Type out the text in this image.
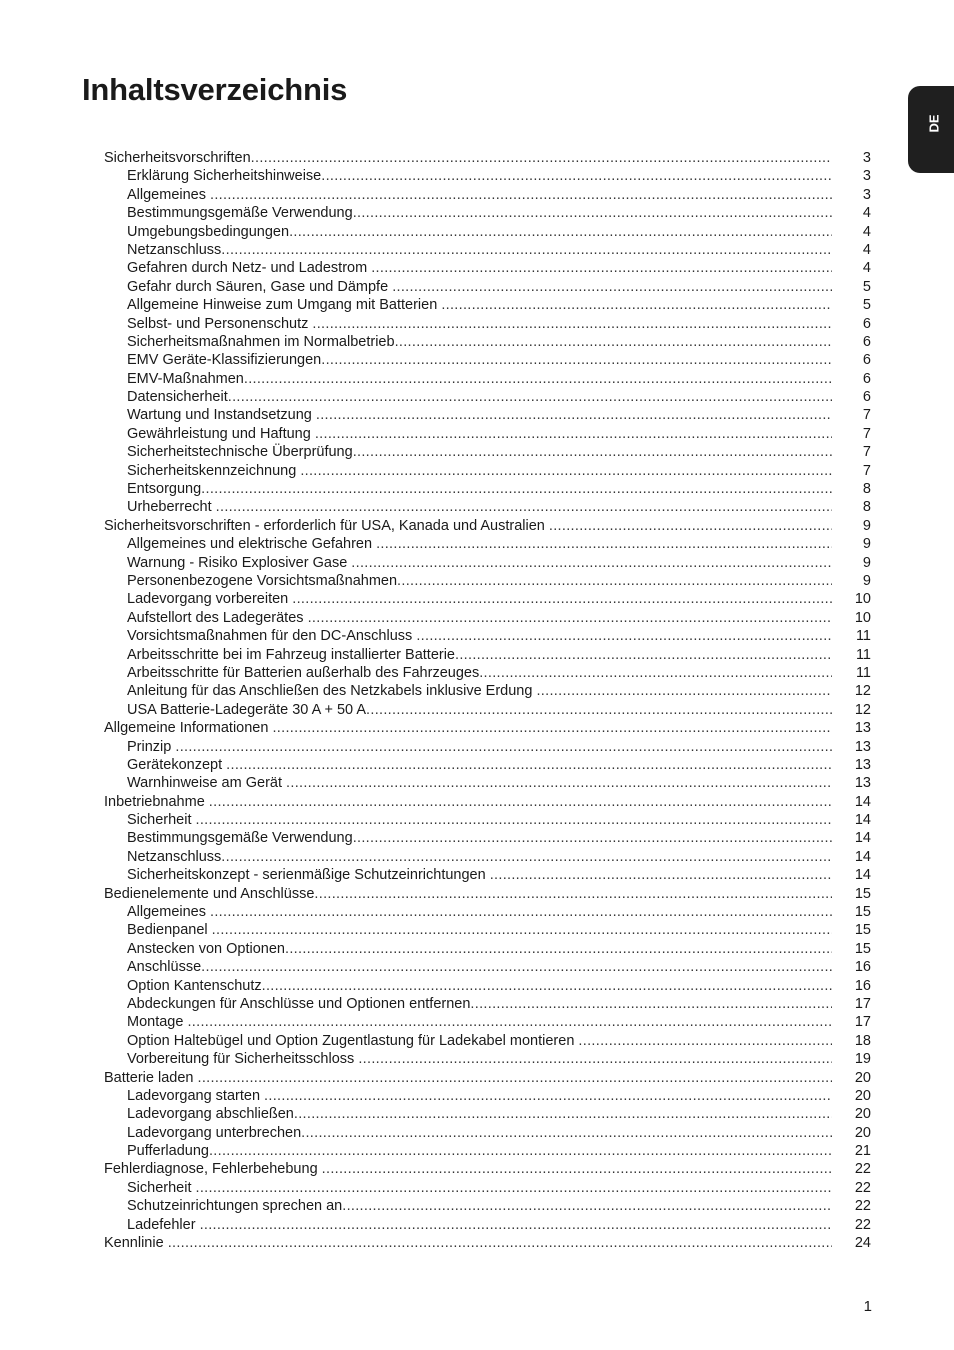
Inhaltsverzeichnis
DE
Sicherheitsvorschriften .....	3
Erklärung Sicherheitshinweise .....	3
Allgemeines .....	3
Bestimmungsgemäße Verwendung .....	4
Umgebungsbedingungen .....	4
Netzanschluss .....	4
Gefahren durch Netz- und Ladestrom .....	4
Gefahr durch Säuren, Gase und Dämpfe .....	5
Allgemeine Hinweise zum Umgang mit Batterien .....	5
Selbst- und Personenschutz .....	6
Sicherheitsmaßnahmen im Normalbetrieb .....	6
EMV Geräte-Klassifizierungen .....	6
EMV-Maßnahmen .....	6
Datensicherheit .....	6
Wartung und Instandsetzung .....	7
Gewährleistung und Haftung .....	7
Sicherheitstechnische Überprüfung .....	7
Sicherheitskennzeichnung .....	7
Entsorgung .....	8
Urheberrecht .....	8
Sicherheitsvorschriften - erforderlich für USA, Kanada und Australien .....	9
Allgemeines und elektrische Gefahren .....	9
Warnung - Risiko Explosiver Gase .....	9
Personenbezogene Vorsichtsmaßnahmen .....	9
Ladevorgang vorbereiten .....	10
Aufstellort des Ladegerätes .....	10
Vorsichtsmaßnahmen für den DC-Anschluss .....	11
Arbeitsschritte bei im Fahrzeug installierter Batterie .....	11
Arbeitsschritte für Batterien außerhalb des Fahrzeuges .....	11
Anleitung für das Anschließen des Netzkabels inklusive Erdung .....	12
USA Batterie-Ladegeräte 30 A + 50 A .....	12
Allgemeine Informationen .....	13
Prinzip .....	13
Gerätekonzept .....	13
Warnhinweise am Gerät .....	13
Inbetriebnahme .....	14
Sicherheit .....	14
Bestimmungsgemäße Verwendung .....	14
Netzanschluss .....	14
Sicherheitskonzept - serienmäßige Schutzeinrichtungen .....	14
Bedienelemente und Anschlüsse .....	15
Allgemeines .....	15
Bedienpanel .....	15
Anstecken von Optionen .....	15
Anschlüsse .....	16
Option Kantenschutz .....	16
Abdeckungen für Anschlüsse und Optionen entfernen .....	17
Montage .....	17
Option Haltebügel und Option Zugentlastung für Ladekabel montieren .....	18
Vorbereitung für Sicherheitsschloss .....	19
Batterie laden .....	20
Ladevorgang starten .....	20
Ladevorgang abschließen .....	20
Ladevorgang unterbrechen .....	20
Pufferladung .....	21
Fehlerdiagnose, Fehlerbehebung .....	22
Sicherheit .....	22
Schutzeinrichtungen sprechen an .....	22
Ladefehler .....	22
Kennlinie .....	24
1
